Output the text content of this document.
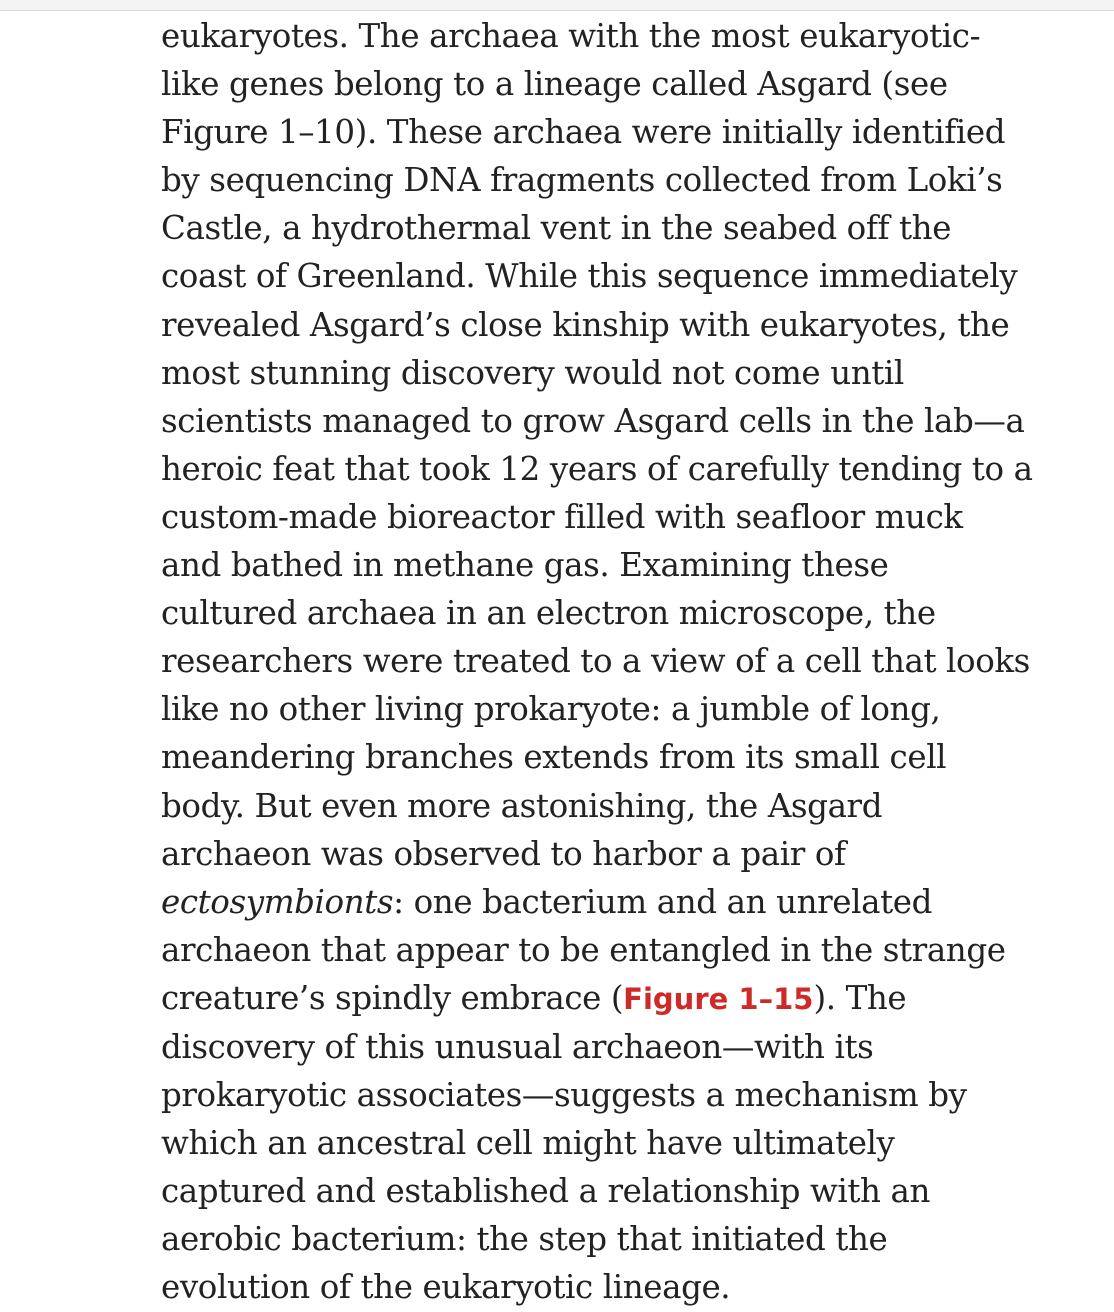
eukaryotes. The archaea with the most eukaryotic-
like genes belong to a lineage called Asgard (see
Figure 1–10). These archaea were initially identified
by sequencing DNA fragments collected from Loki’s
Castle, a hydrothermal vent in the seabed off the
coast of Greenland. While this sequence immediately
revealed Asgard’s close kinship with eukaryotes, the
most stunning discovery would not come until
scientists managed to grow Asgard cells in the lab—a
heroic feat that took 12 years of carefully tending to a
custom-made bioreactor filled with seafloor muck
and bathed in methane gas. Examining these
cultured archaea in an electron microscope, the
researchers were treated to a view of a cell that looks
like no other living prokaryote: a jumble of long,
meandering branches extends from its small cell
body. But even more astonishing, the Asgard
archaeon was observed to harbor a pair of
ectosymbionts: one bacterium and an unrelated
archaeon that appear to be entangled in the strange
creature’s spindly embrace (Figure 1–15). The
discovery of this unusual archaeon—with its
prokaryotic associates—suggests a mechanism by
which an ancestral cell might have ultimately
captured and established a relationship with an
aerobic bacterium: the step that initiated the
evolution of the eukaryotic lineage.
